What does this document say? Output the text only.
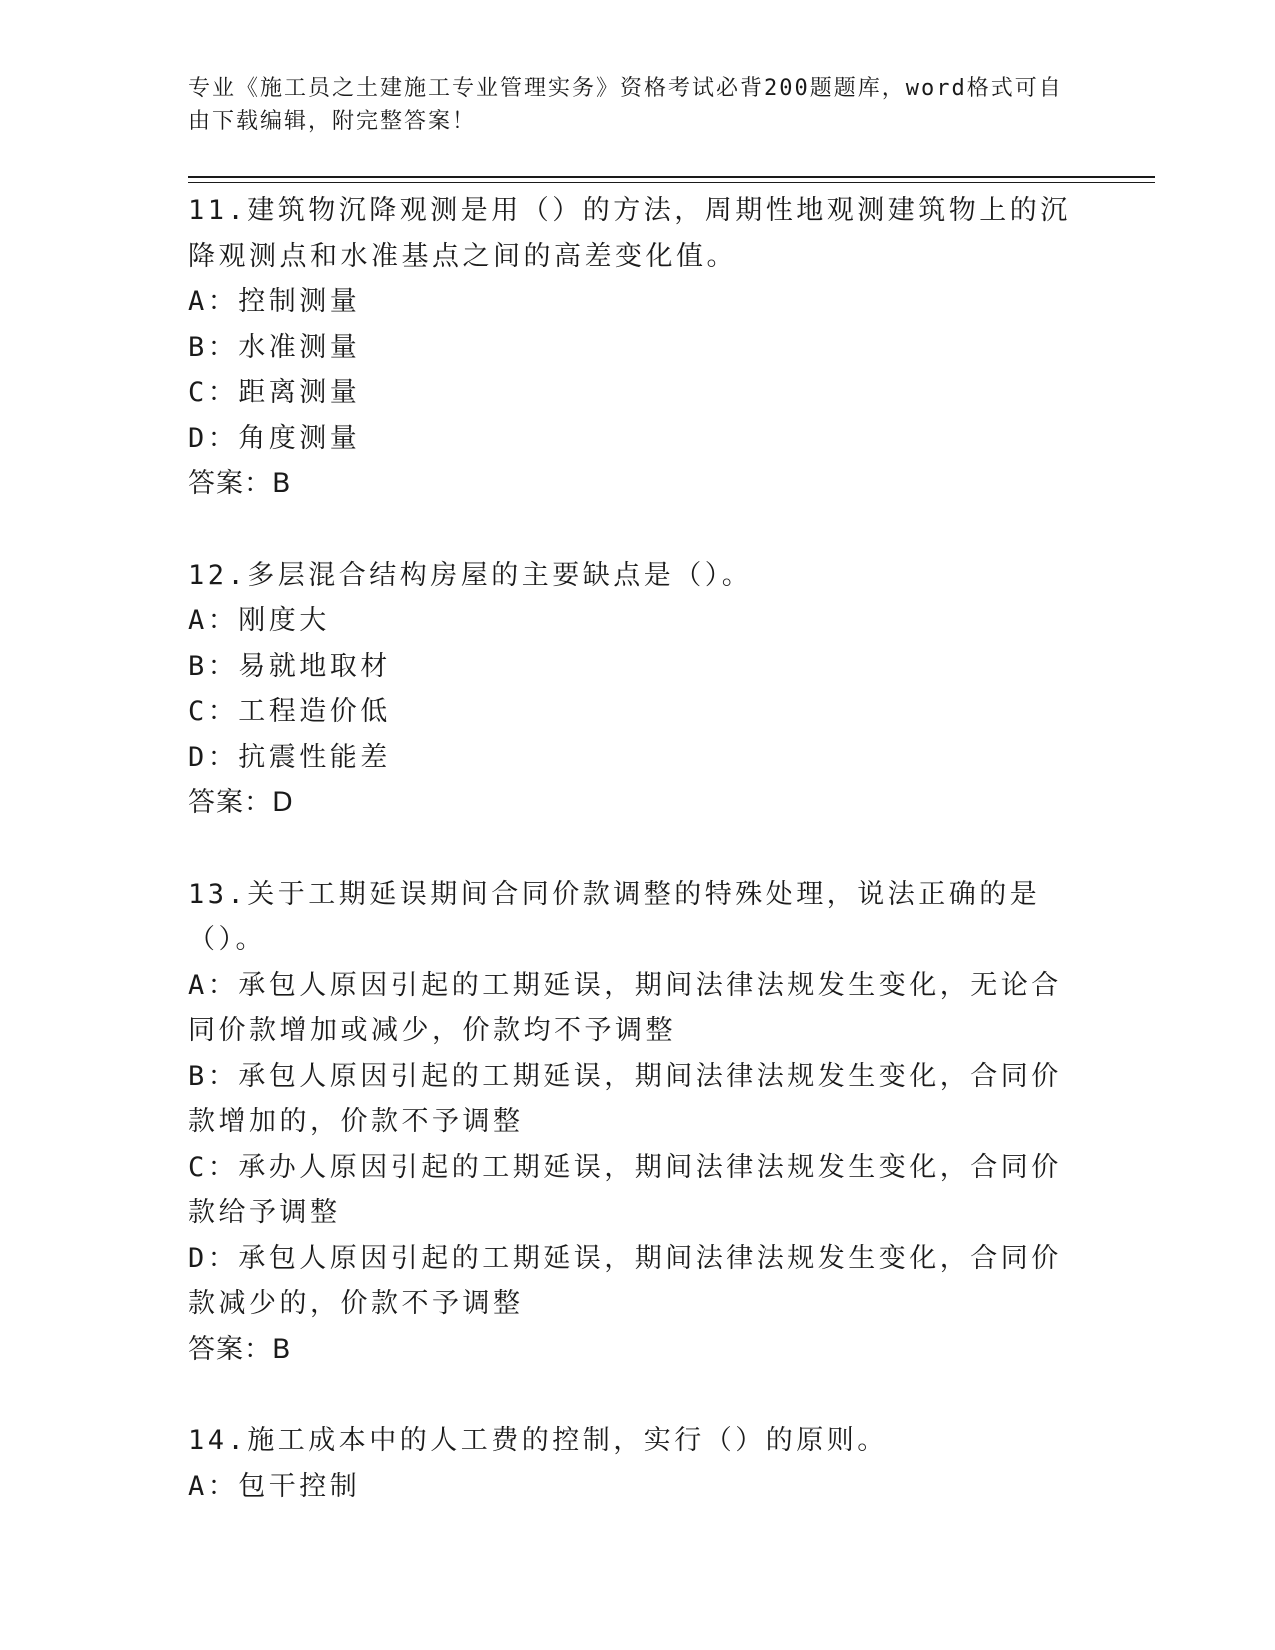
专业《施工员之土建施工专业管理实务》资格考试必背200题题库，word格式可自由下载编辑，附完整答案！
11.建筑物沉降观测是用（）的方法，周期性地观测建筑物上的沉降观测点和水准基点之间的高差变化值。
A：控制测量
B：水准测量
C：距离测量
D：角度测量
答案：B
12.多层混合结构房屋的主要缺点是（）。
A：刚度大
B：易就地取材
C：工程造价低
D：抗震性能差
答案：D
13.关于工期延误期间合同价款调整的特殊处理，说法正确的是（）。
A：承包人原因引起的工期延误，期间法律法规发生变化，无论合同价款增加或减少，价款均不予调整
B：承包人原因引起的工期延误，期间法律法规发生变化，合同价款增加的，价款不予调整
C：承办人原因引起的工期延误，期间法律法规发生变化，合同价款给予调整
D：承包人原因引起的工期延误，期间法律法规发生变化，合同价款减少的，价款不予调整
答案：B
14.施工成本中的人工费的控制，实行（）的原则。
A：包干控制
